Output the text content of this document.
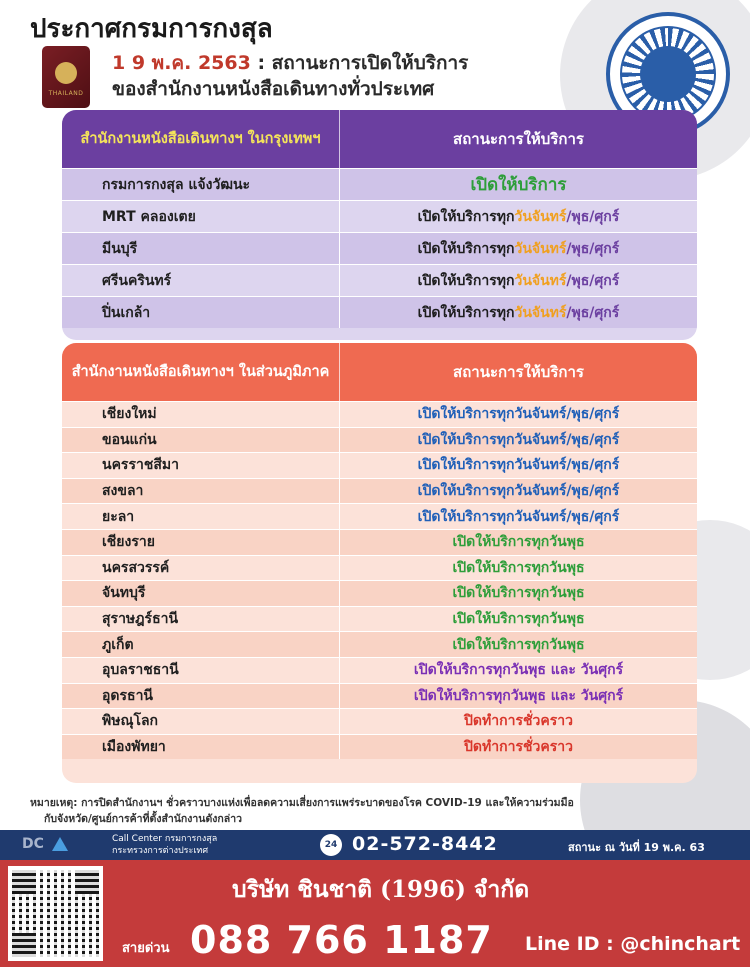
ประกาศกรมการกงสุล
THAILAND
1 9 พ.ค. 2563 : สถานะการเปิดให้บริการ
ของสำนักงานหนังสือเดินทางทั่วประเทศ
สำนักงานหนังสือเดินทางฯ ในกรุงเทพฯ	สถานะการให้บริการ
กรมการกงสุล แจ้งวัฒนะ	เปิดให้บริการ
MRT คลองเตย	เปิดให้บริการทุก วันจันทร์ /พุธ/ศุกร์
มีนบุรี	เปิดให้บริการทุก วันจันทร์ /พุธ/ศุกร์
ศรีนครินทร์	เปิดให้บริการทุก วันจันทร์ /พุธ/ศุกร์
ปิ่นเกล้า	เปิดให้บริการทุก วันจันทร์ /พุธ/ศุกร์
สำนักงานหนังสือเดินทางฯ ในส่วนภูมิภาค	สถานะการให้บริการ
เชียงใหม่	เปิดให้บริการทุกวันจันทร์/พุธ/ศุกร์
ขอนแก่น	เปิดให้บริการทุกวันจันทร์/พุธ/ศุกร์
นครราชสีมา	เปิดให้บริการทุกวันจันทร์/พุธ/ศุกร์
สงขลา	เปิดให้บริการทุกวันจันทร์/พุธ/ศุกร์
ยะลา	เปิดให้บริการทุกวันจันทร์/พุธ/ศุกร์
เชียงราย	เปิดให้บริการทุกวันพุธ
นครสวรรค์	เปิดให้บริการทุกวันพุธ
จันทบุรี	เปิดให้บริการทุกวันพุธ
สุราษฎร์ธานี	เปิดให้บริการทุกวันพุธ
ภูเก็ต	เปิดให้บริการทุกวันพุธ
อุบลราชธานี	เปิดให้บริการทุกวันพุธ และ วันศุกร์
อุดรธานี	เปิดให้บริการทุกวันพุธ และ วันศุกร์
พิษณุโลก	ปิดทำการชั่วคราว
เมืองพัทยา	ปิดทำการชั่วคราว
หมายเหตุ: การปิดสำนักงานฯ ชั่วคราวบางแห่งเพื่อลดความเสี่ยงการแพร่ระบาดของโรค COVID-19 และให้ความร่วมมือ
กับจังหวัด/ศูนย์การค้าที่ตั้งสำนักงานดังกล่าว
DC	Call Center กรมการกงสุล
กระทรวงการต่างประเทศ
24 02-572-8442	สถานะ ณ วันที่ 19 พ.ค. 63
บริษัท ชินชาติ (1996) จำกัด
สายด่วน 088 766 1187 Line ID : @chinchart
